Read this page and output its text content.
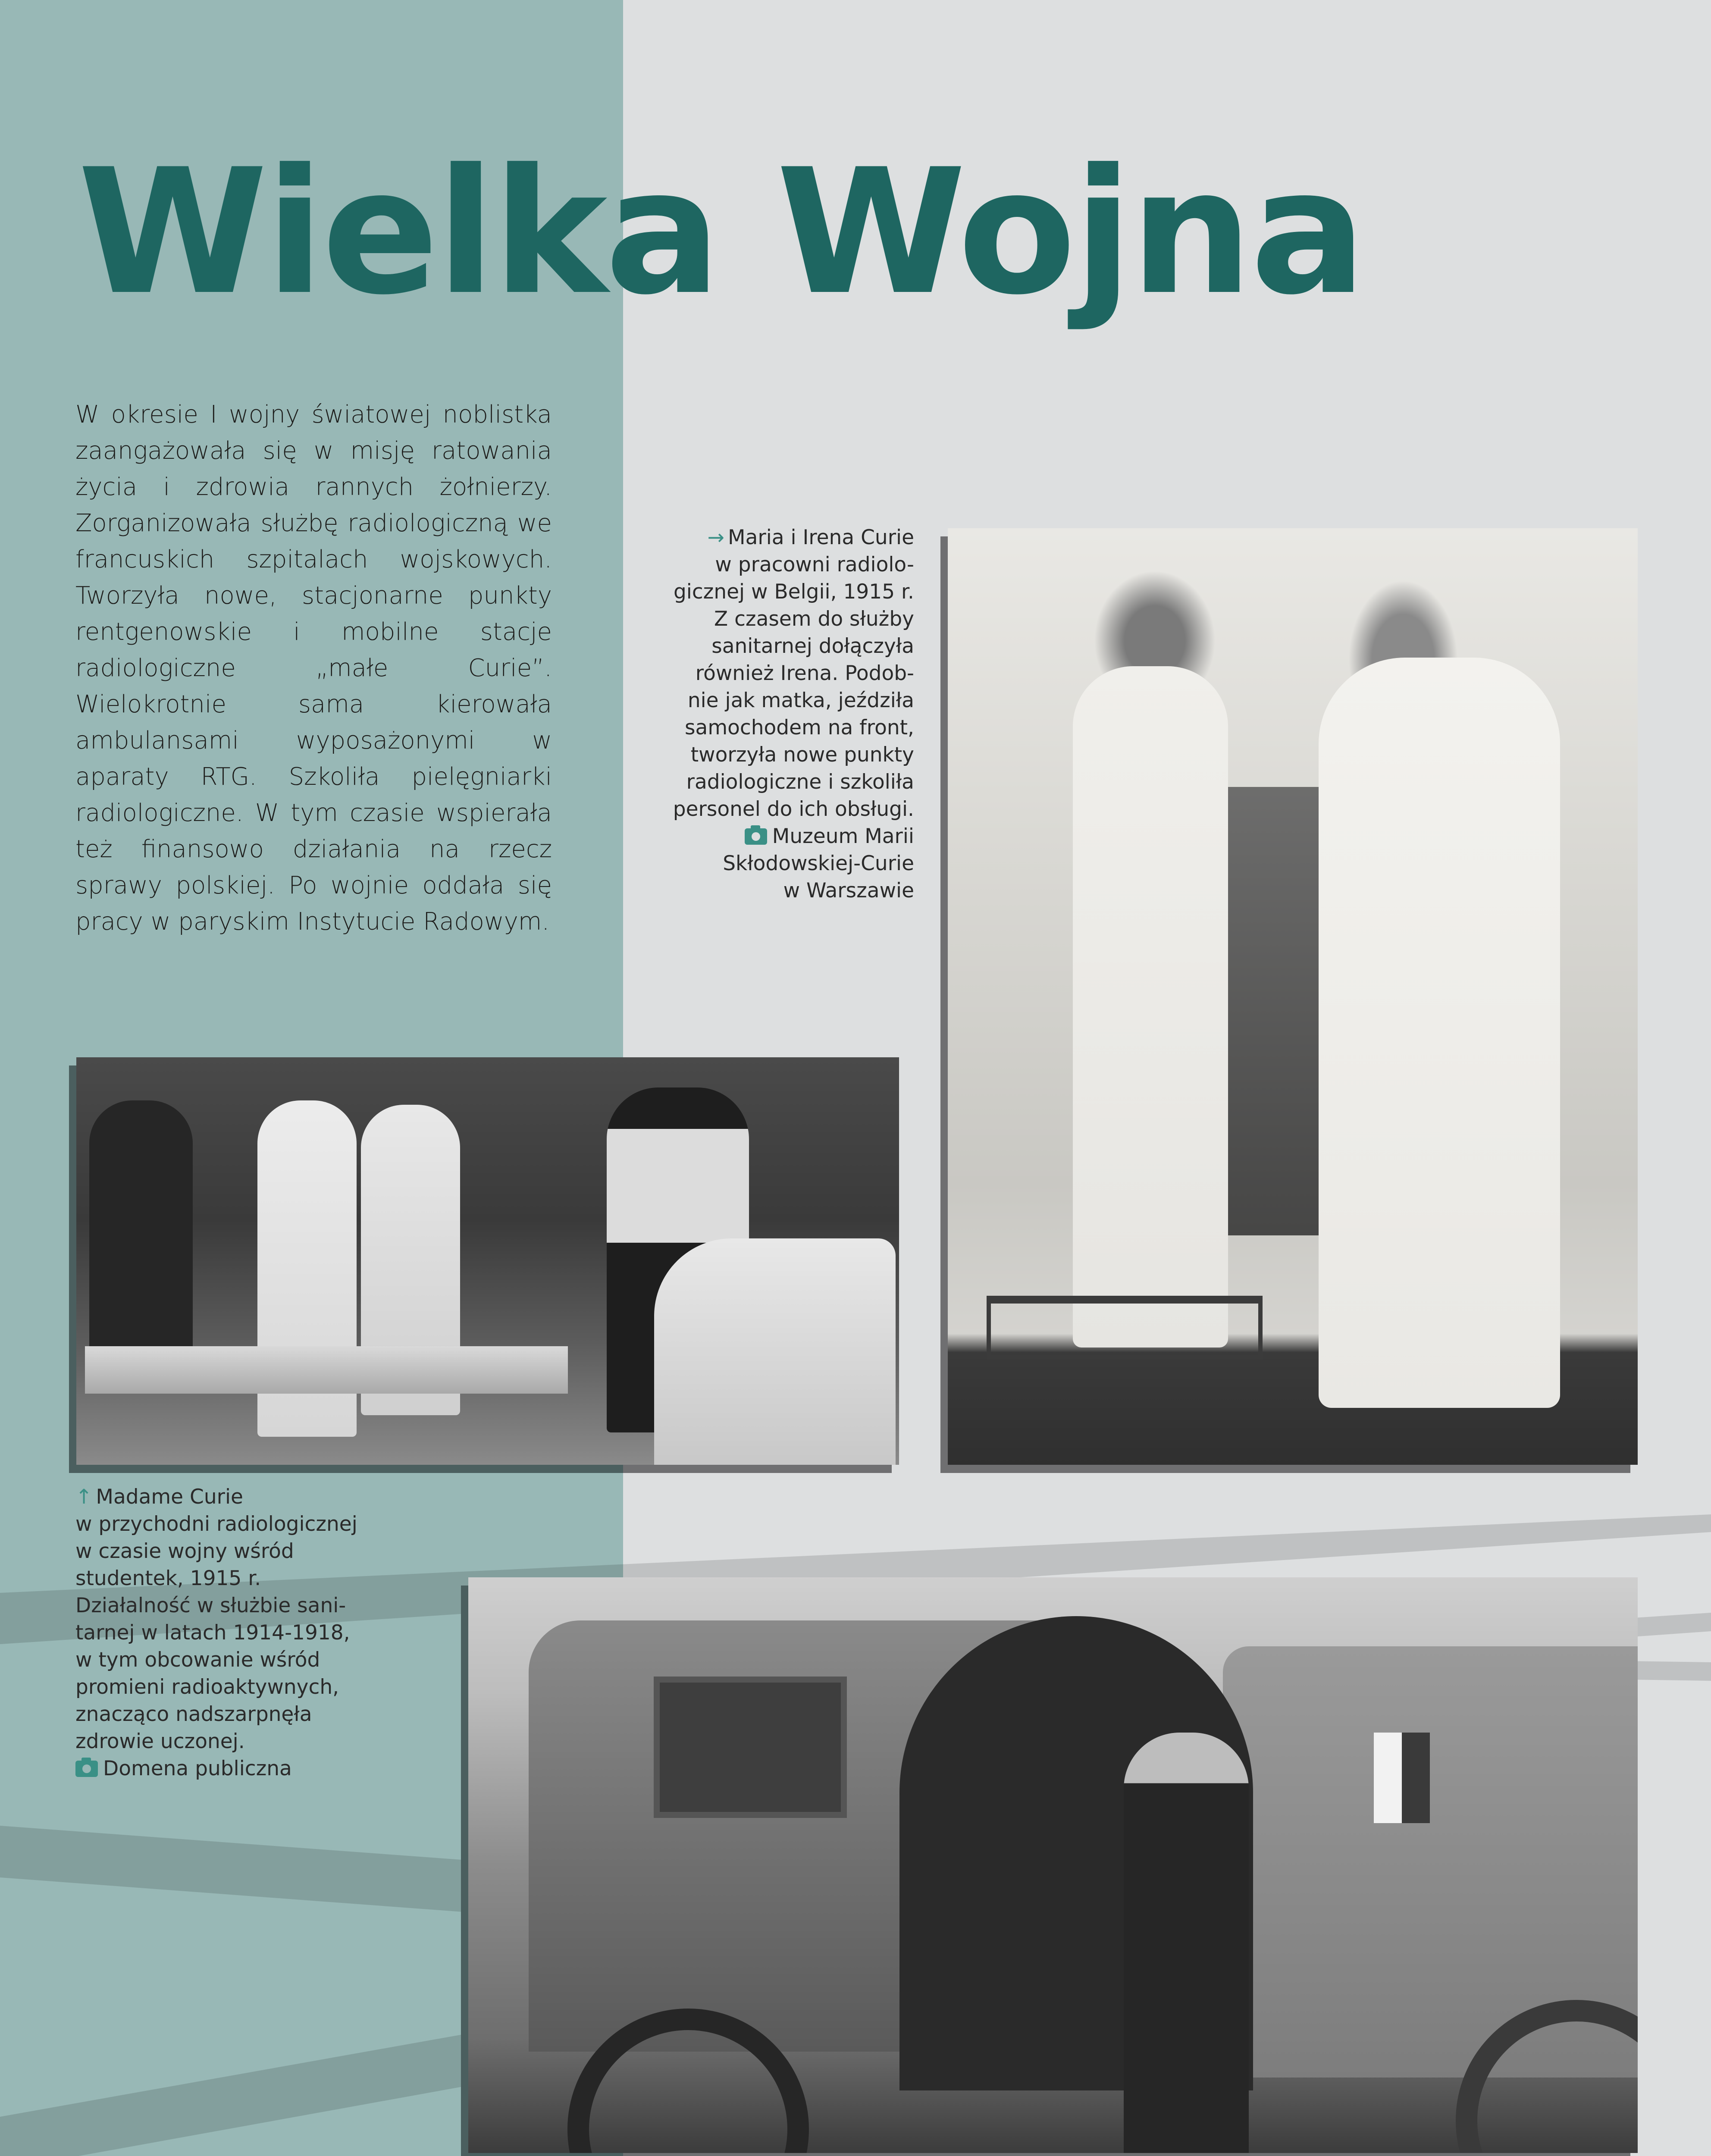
Wielka Wojna

W okresie I wojny światowej noblistka zaangażowała się w misję ratowania życia i zdrowia rannych żołnierzy. Zorganizowała służbę radiologiczną we francuskich szpitalach wojskowych. Tworzyła nowe, stacjonarne punkty rentgenowskie i mobilne stacje radiologiczne „małe Curie”. Wielokrotnie sama kierowała ambulansami wyposażonymi w aparaty RTG. Szkoliła pielęgniarki radiologiczne. W tym czasie wspierała też finansowo działania na rzecz sprawy polskiej. Po wojnie oddała się pracy w paryskim Instytucie Radowym.

→ Maria i Irena Curie
w pracowni radiolo-
gicznej w Belgii, 1915 r.
Z czasem do służby
sanitarnej dołączyła
również Irena. Podob-
nie jak matka, jeździła
samochodem na front,
tworzyła nowe punkty
radiologiczne i szkoliła
personel do ich obsługi.
Muzeum Marii
Skłodowskiej-Curie
w Warszawie
↑ Madame Curie
w przychodni radiologicznej
w czasie wojny wśród
studentek, 1915 r.
Działalność w służbie sani-
tarnej w latach 1914-1918,
w tym obcowanie wśród
promieni radioaktywnych,
znacząco nadszarpnęła
zdrowie uczonej.
Domena publiczna
